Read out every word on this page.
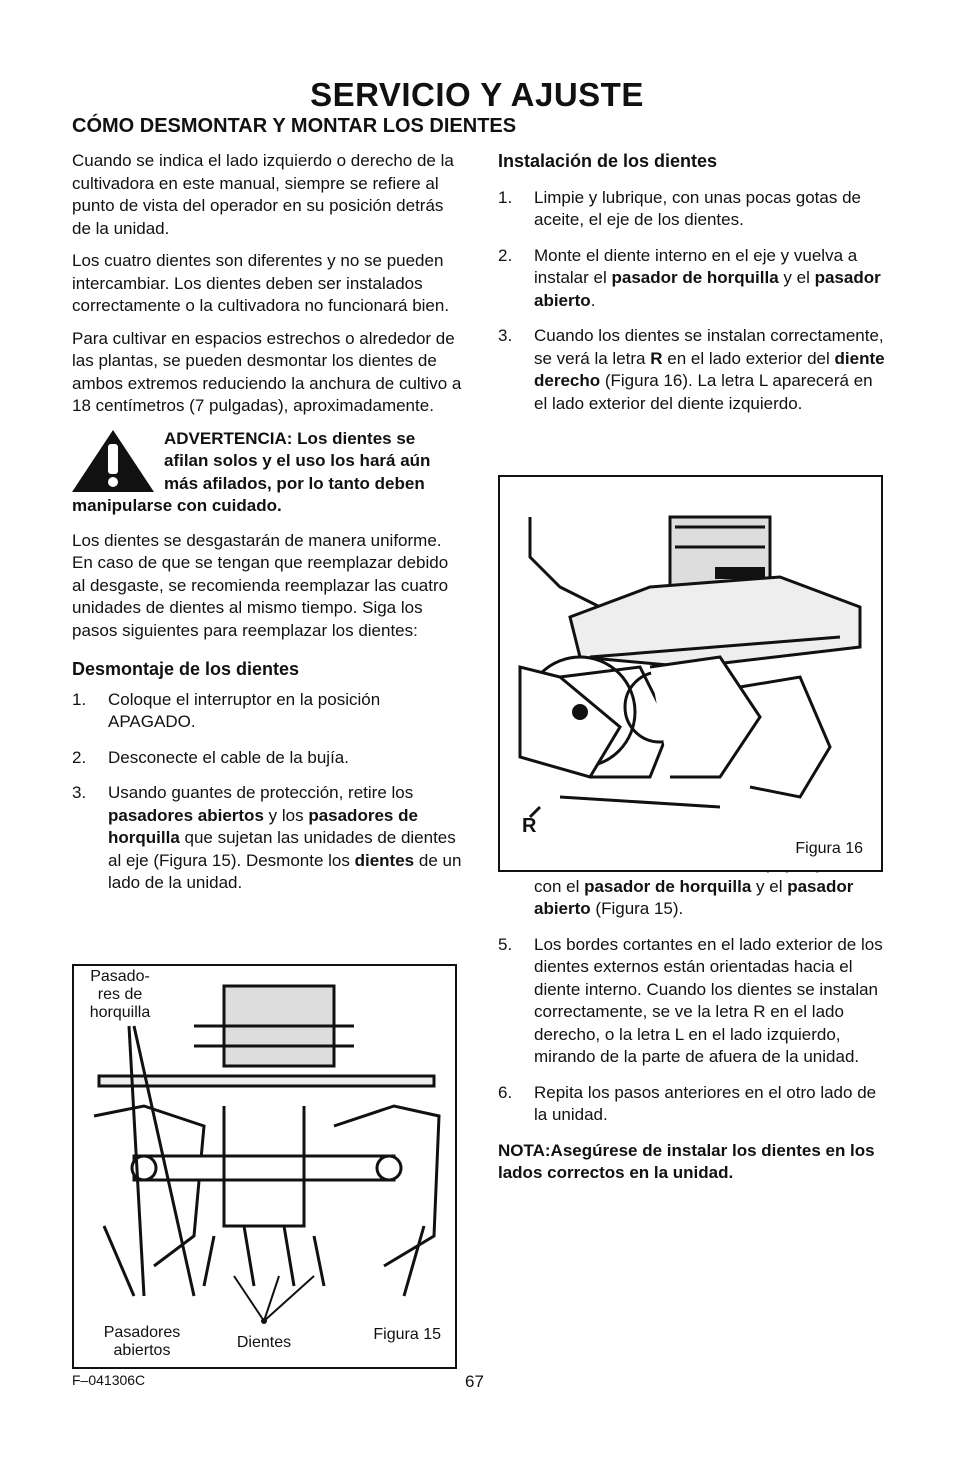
SERVICIO Y AJUSTE
CÓMO DESMONTAR Y MONTAR LOS DIENTES

Cuando se indica el lado izquierdo o derecho de la cultivadora en este manual, siempre se refiere al punto de vista del operador en su posición detrás de la unidad.

Los cuatro dientes son diferentes y no se pueden intercambiar. Los dientes deben ser instalados correctamente o la cultivadora no funcionará bien.

Para cultivar en espacios estrechos o alrededor de las plantas, se pueden desmontar los dientes de ambos extremos reduciendo la anchura de cultivo a 18 centímetros (7 pulgadas), aproximadamente.

ADVERTENCIA: Los dientes se afilan solos y el uso los hará aún más afilados, por lo tanto deben manipularse con cuidado.

Los dientes se desgastarán de manera uniforme. En caso de que se tengan que reemplazar debido al desgaste, se recomienda reemplazar las cuatro unidades de dientes al mismo tiempo. Siga los pasos siguientes para reemplazar los dientes:

Desmontaje de los dientes
1. Coloque el interruptor en la posición APAGADO.
2. Desconecte el cable de la bujía.
3. Usando guantes de protección, retire los pasadores abiertos y los pasadores de horquilla que sujetan las unidades de dientes al eje (Figura 15). Desmonte los dientes de un lado de la unidad.
Instalación de los dientes
1. Limpie y lubrique, con unas pocas gotas de aceite, el eje de los dientes.
2. Monte el diente interno en el eje y vuelva a instalar el pasador de horquilla y el pasador abierto.
3. Cuando los dientes se instalan correctamente, se verá la letra R en el lado exterior del diente derecho (Figura 16). La letra L aparecerá en el lado exterior del diente izquierdo.
con el pasador de horquilla y el pasador abierto (Figura 15).
5. Los bordes cortantes en el lado exterior de los dientes externos están orientadas hacia el diente interno. Cuando los dientes se instalan correctamente, se ve la letra R en el lado derecho, o la letra L en el lado izquierdo, mirando de la parte de afuera de la unidad.
6. Repita los pasos anteriores en el otro lado de la unidad.

NOTA:Asegúrese de instalar los dientes en los lados correctos en la unidad.

R
Figura 16
Pasado-
res de
horquilla
Pasadores
abiertos	Dientes	Figura 15
F–041306C	67
